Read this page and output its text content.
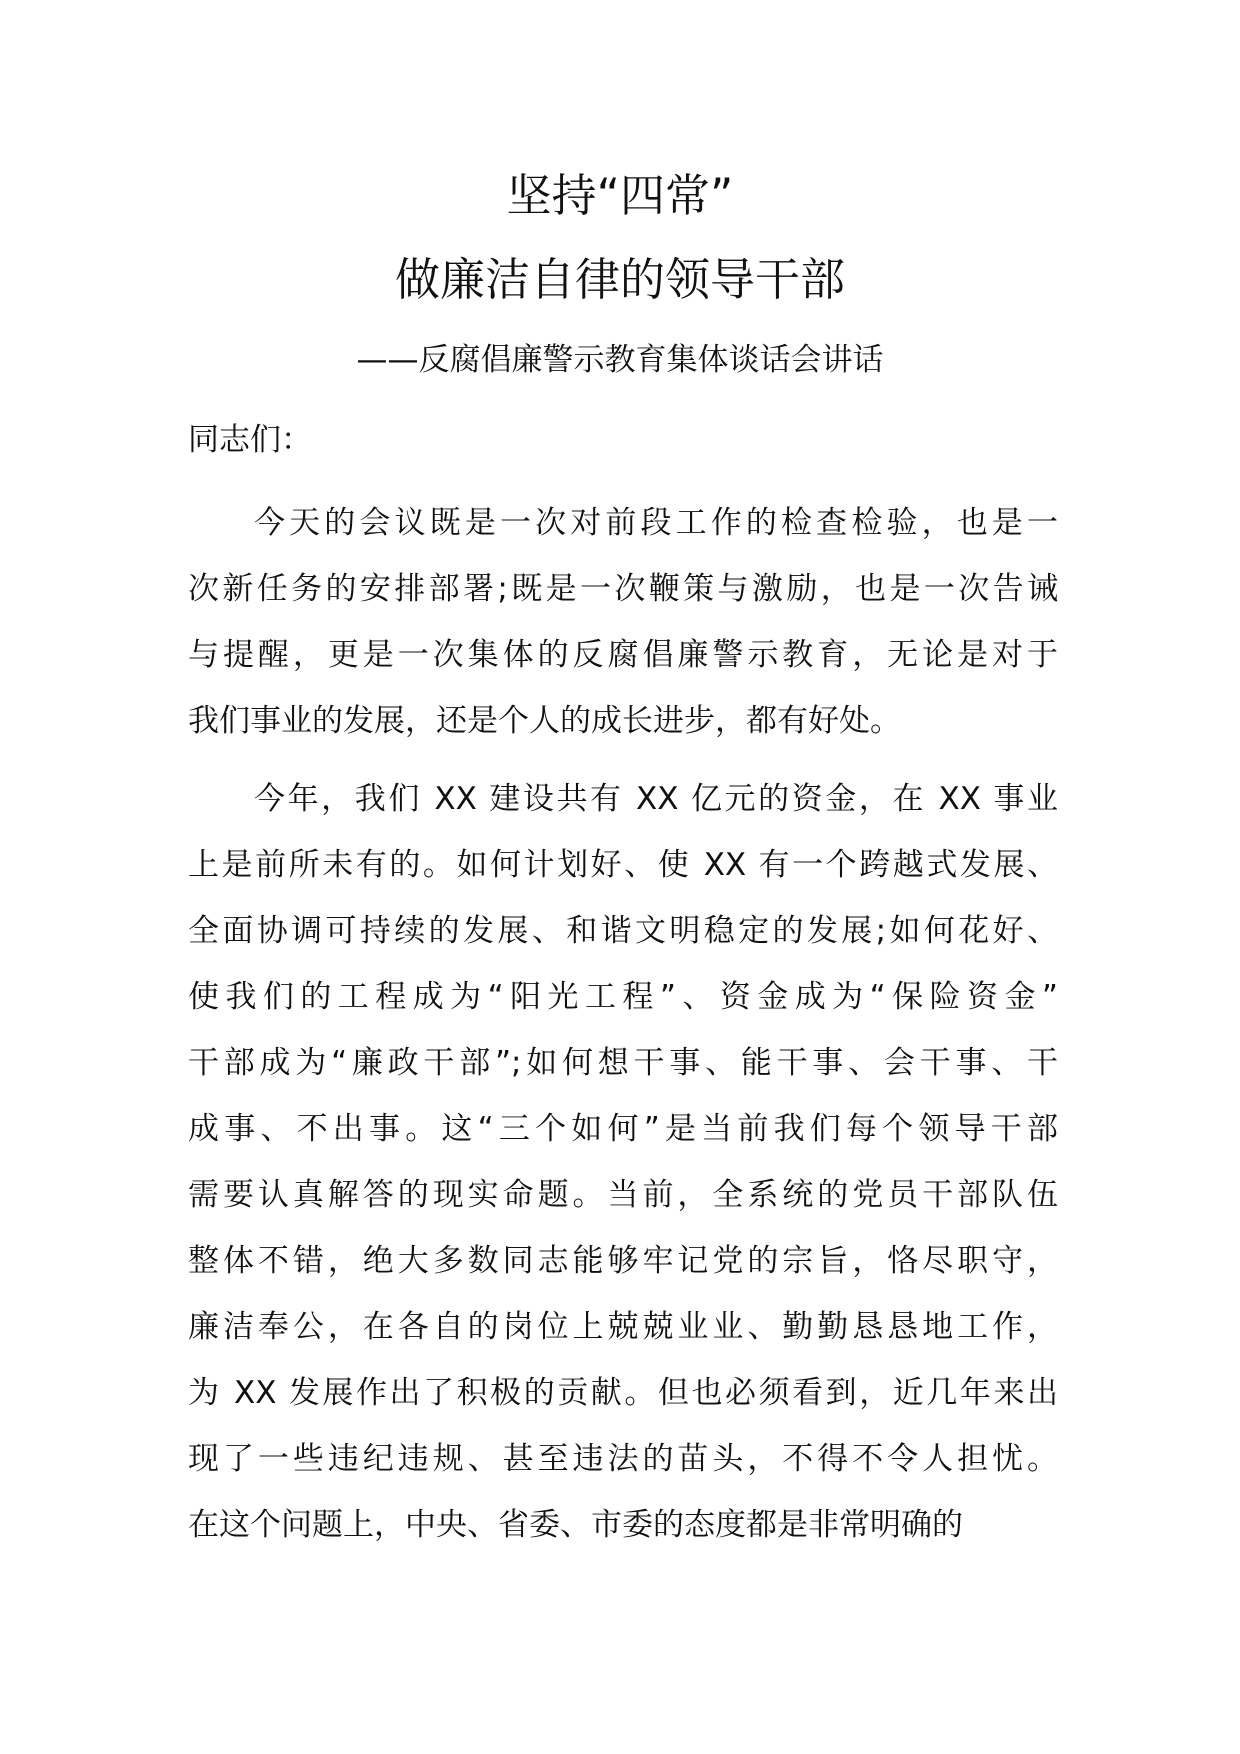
坚持“四常”
做廉洁自律的领导干部
——反腐倡廉警示教育集体谈话会讲话
同志们：
今天的会议既是一次对前段工作的检查检验，也是一
次新任务的安排部署;既是一次鞭策与激励，也是一次告诫
与提醒，更是一次集体的反腐倡廉警示教育，无论是对于
我们事业的发展，还是个人的成长进步，都有好处。
今年，我们 XX 建设共有 XX 亿元的资金，在 XX 事业
上是前所未有的。如何计划好、使 XX 有一个跨越式发展、
全面协调可持续的发展、和谐文明稳定的发展;如何花好、
使我们的工程成为“阳光工程”、资金成为“保险资金”
干部成为“廉政干部”;如何想干事、能干事、会干事、干
成事、不出事。这“三个如何”是当前我们每个领导干部
需要认真解答的现实命题。当前，全系统的党员干部队伍
整体不错，绝大多数同志能够牢记党的宗旨，恪尽职守，
廉洁奉公，在各自的岗位上兢兢业业、勤勤恳恳地工作，
为 XX 发展作出了积极的贡献。但也必须看到，近几年来出
现了一些违纪违规、甚至违法的苗头，不得不令人担忧。
在这个问题上，中央、省委、市委的态度都是非常明确的
